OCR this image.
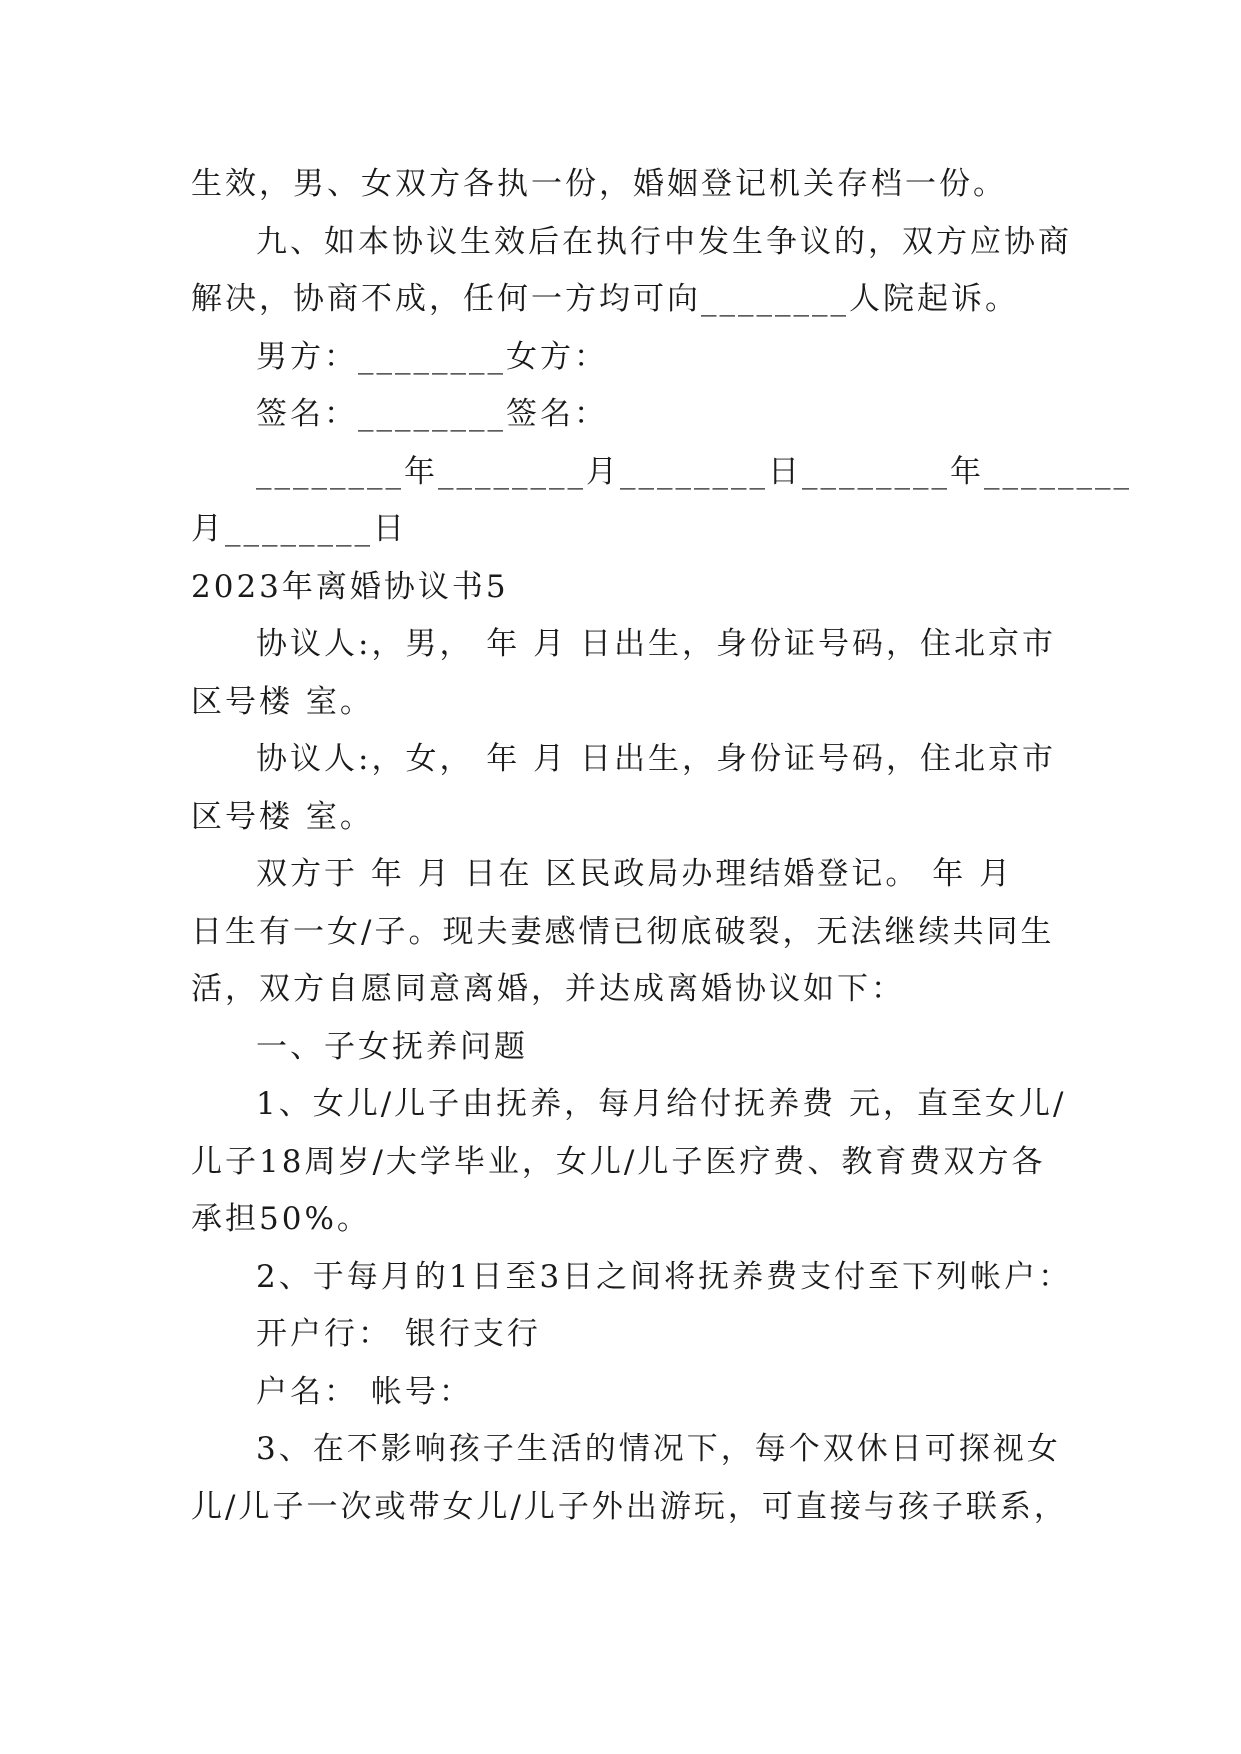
生效，男、女双方各执一份，婚姻登记机关存档一份。
九、如本协议生效后在执行中发生争议的，双方应协商
解决，协商不成，任何一方均可向________人院起诉。
男方：________女方：
签名：________签名：
________年________月________日________年________
月________日
2023年离婚协议书5
协议人:，男， 年 月 日出生，身份证号码，住北京市
区号楼 室。
协议人:，女， 年 月 日出生，身份证号码，住北京市
区号楼 室。
双方于 年 月 日在 区民政局办理结婚登记。 年 月
日生有一女/子。现夫妻感情已彻底破裂，无法继续共同生
活，双方自愿同意离婚，并达成离婚协议如下：
一、子女抚养问题
1、女儿/儿子由抚养，每月给付抚养费 元，直至女儿/
儿子18周岁/大学毕业，女儿/儿子医疗费、教育费双方各
承担50%。
2、于每月的1日至3日之间将抚养费支付至下列帐户：
开户行： 银行支行
户名： 帐号：
3、在不影响孩子生活的情况下，每个双休日可探视女
儿/儿子一次或带女儿/儿子外出游玩，可直接与孩子联系，
